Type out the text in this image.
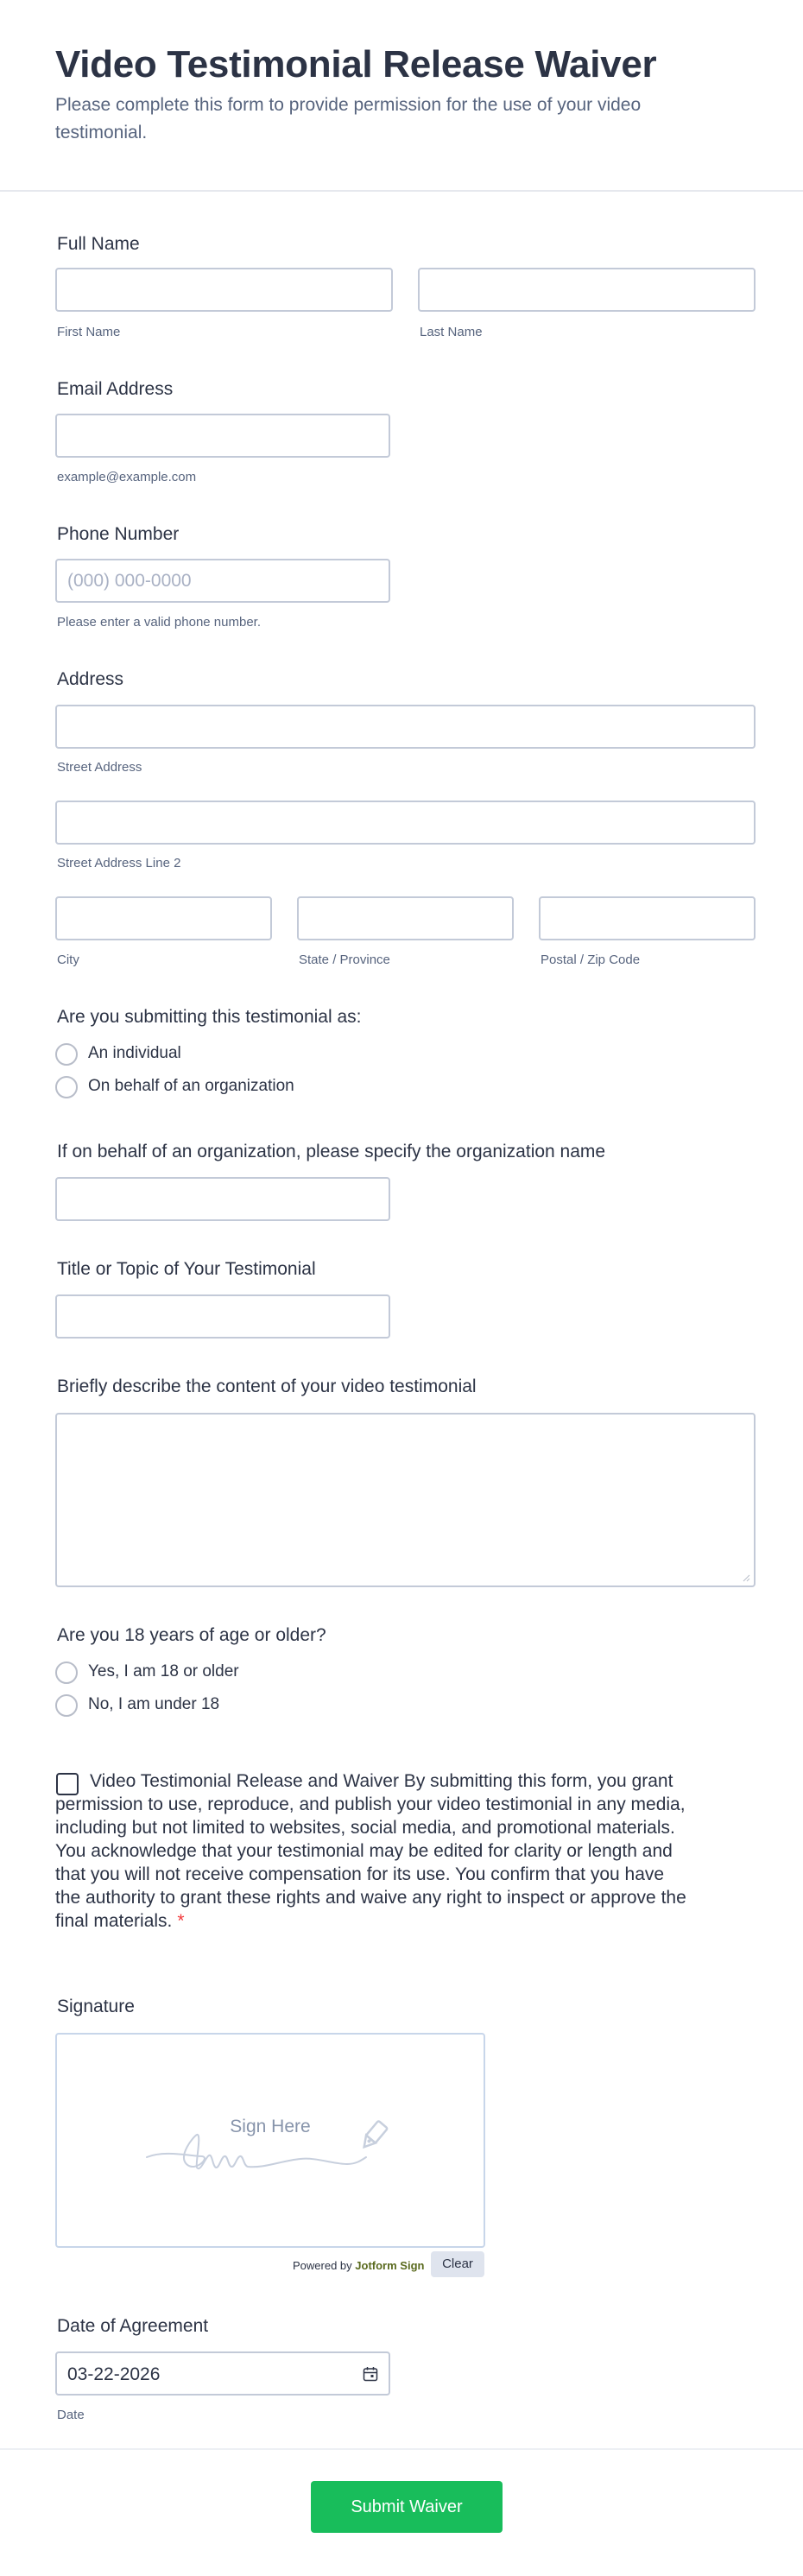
Video Testimonial Release Waiver
Please complete this form to provide permission for the use of your video testimonial.
Full Name
First Name	Last Name
Email Address
example@example.com
Phone Number
(000) 000-0000
Please enter a valid phone number.
Address
Street Address
Street Address Line 2
City	State / Province	Postal / Zip Code
Are you submitting this testimonial as:
An individual
On behalf of an organization
If on behalf of an organization, please specify the organization name
Title or Topic of Your Testimonial
Briefly describe the content of your video testimonial
Are you 18 years of age or older?
Yes, I am 18 or older
No, I am under 18
Video Testimonial Release and Waiver By submitting this form, you grant permission to use, reproduce, and publish your video testimonial in any media, including but not limited to websites, social media, and promotional materials. You acknowledge that your testimonial may be edited for clarity or length and that you will not receive compensation for its use. You confirm that you have the authority to grant these rights and waive any right to inspect or approve the final materials. *
Signature
Sign Here
Powered by Jotform Sign	Clear
Date of Agreement
03-22-2026
Date
Submit Waiver
